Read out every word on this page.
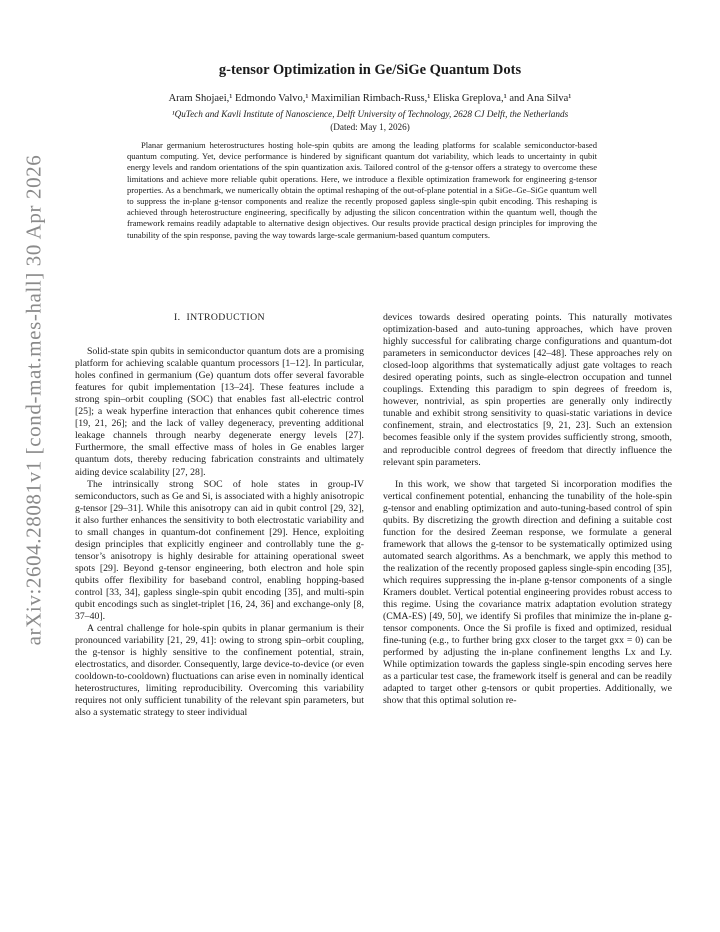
arXiv:2604.28081v1 [cond-mat.mes-hall] 30 Apr 2026
g-tensor Optimization in Ge/SiGe Quantum Dots
Aram Shojaei,¹ Edmondo Valvo,¹ Maximilian Rimbach-Russ,¹ Eliska Greplova,¹ and Ana Silva¹
¹QuTech and Kavli Institute of Nanoscience, Delft University of Technology, 2628 CJ Delft, the Netherlands
(Dated: May 1, 2026)
Planar germanium heterostructures hosting hole-spin qubits are among the leading platforms for scalable semiconductor-based quantum computing. Yet, device performance is hindered by significant quantum dot variability, which leads to uncertainty in qubit energy levels and random orientations of the spin quantization axis. Tailored control of the g-tensor offers a strategy to overcome these limitations and achieve more reliable qubit operations. Here, we introduce a flexible optimization framework for engineering g-tensor properties. As a benchmark, we numerically obtain the optimal reshaping of the out-of-plane potential in a SiGe–Ge–SiGe quantum well to suppress the in-plane g-tensor components and realize the recently proposed gapless single-spin qubit encoding. This reshaping is achieved through heterostructure engineering, specifically by adjusting the silicon concentration within the quantum well, though the framework remains readily adaptable to alternative design objectives. Our results provide practical design principles for improving the tunability of the spin response, paving the way towards large-scale germanium-based quantum computers.
I. INTRODUCTION

Solid-state spin qubits in semiconductor quantum dots are a promising platform for achieving scalable quantum processors [1–12]. In particular, holes confined in germanium (Ge) quantum dots offer several favorable features for qubit implementation [13–24]. These features include a strong spin–orbit coupling (SOC) that enables fast all-electric control [25]; a weak hyperfine interaction that enhances qubit coherence times [19, 21, 26]; and the lack of valley degeneracy, preventing additional leakage channels through nearby degenerate energy levels [27]. Furthermore, the small effective mass of holes in Ge enables larger quantum dots, thereby reducing fabrication constraints and ultimately aiding device scalability [27, 28].

The intrinsically strong SOC of hole states in group-IV semiconductors, such as Ge and Si, is associated with a highly anisotropic g-tensor [29–31]. While this anisotropy can aid in qubit control [29, 32], it also further enhances the sensitivity to both electrostatic variability and to small changes in quantum-dot confinement [29]. Hence, exploiting design principles that explicitly engineer and controllably tune the g-tensor’s anisotropy is highly desirable for attaining operational sweet spots [29]. Beyond g-tensor engineering, both electron and hole spin qubits offer flexibility for baseband control, enabling hopping-based control [33, 34], gapless single-spin qubit encoding [35], and multi-spin qubit encodings such as singlet-triplet [16, 24, 36] and exchange-only [8, 37–40].

A central challenge for hole-spin qubits in planar germanium is their pronounced variability [21, 29, 41]: owing to strong spin–orbit coupling, the g-tensor is highly sensitive to the confinement potential, strain, electrostatics, and disorder. Consequently, large device-to-device (or even cooldown-to-cooldown) fluctuations can arise even in nominally identical heterostructures, limiting reproducibility. Overcoming this variability requires not only sufficient tunability of the relevant spin parameters, but also a systematic strategy to steer individual

devices towards desired operating points. This naturally motivates optimization-based and auto-tuning approaches, which have proven highly successful for calibrating charge configurations and quantum-dot parameters in semiconductor devices [42–48]. These approaches rely on closed-loop algorithms that systematically adjust gate voltages to reach desired operating points, such as single-electron occupation and tunnel couplings. Extending this paradigm to spin degrees of freedom is, however, nontrivial, as spin properties are generally only indirectly tunable and exhibit strong sensitivity to quasi-static variations in device confinement, strain, and electrostatics [9, 21, 23]. Such an extension becomes feasible only if the system provides sufficiently strong, smooth, and reproducible control degrees of freedom that directly influence the relevant spin parameters.

In this work, we show that targeted Si incorporation modifies the vertical confinement potential, enhancing the tunability of the hole-spin g-tensor and enabling optimization and auto-tuning-based control of spin qubits. By discretizing the growth direction and defining a suitable cost function for the desired Zeeman response, we formulate a general framework that allows the g-tensor to be systematically optimized using automated search algorithms. As a benchmark, we apply this method to the realization of the recently proposed gapless single-spin encoding [35], which requires suppressing the in-plane g-tensor components of a single Kramers doublet. Vertical potential engineering provides robust access to this regime. Using the covariance matrix adaptation evolution strategy (CMA-ES) [49, 50], we identify Si profiles that minimize the in-plane g-tensor components. Once the Si profile is fixed and optimized, residual fine-tuning (e.g., to further bring gxx closer to the target gxx = 0) can be performed by adjusting the in-plane confinement lengths Lx and Ly. While optimization towards the gapless single-spin encoding serves here as a particular test case, the framework itself is general and can be readily adapted to target other g-tensors or qubit properties. Additionally, we show that this optimal solution re-
